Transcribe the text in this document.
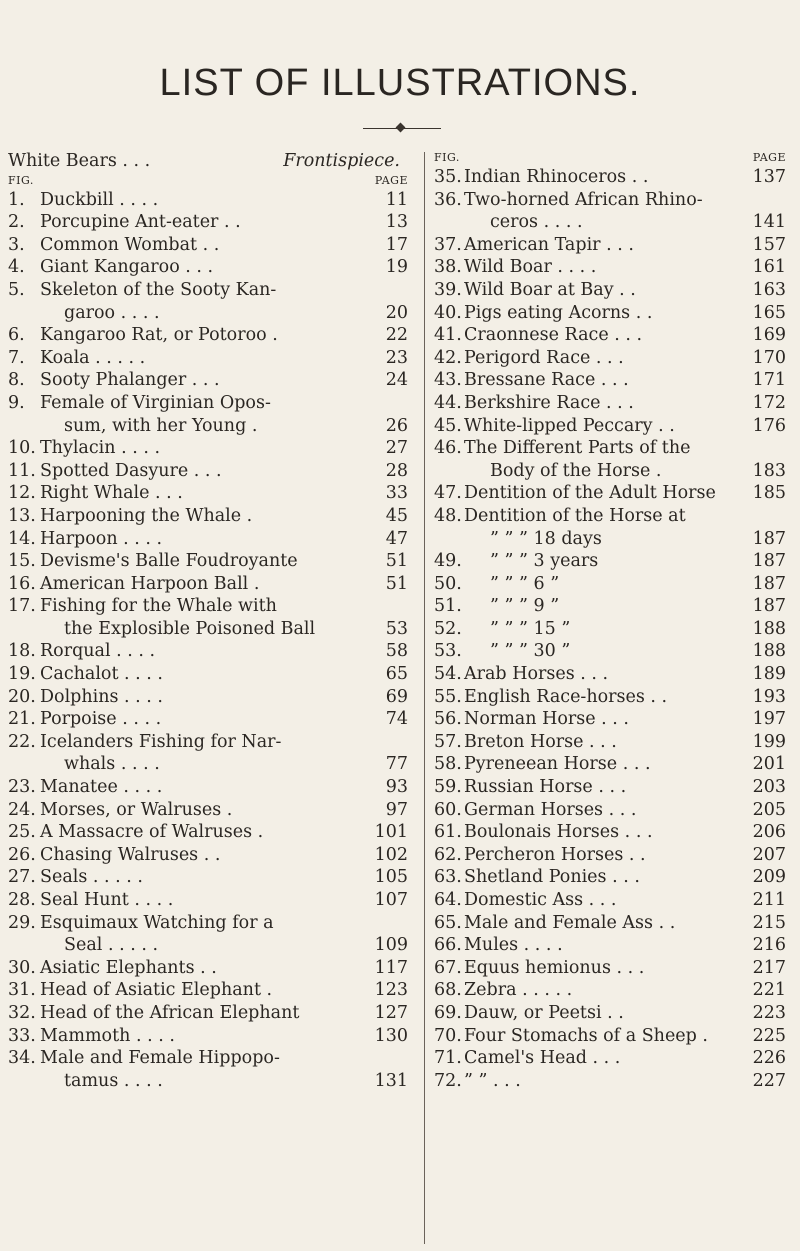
LIST OF ILLUSTRATIONS.
White Bears . . .	Frontispiece.
FIG.	PAGE
1. Duckbill . . . .	11
2. Porcupine Ant-eater . .	13
3. Common Wombat . .	17
4. Giant Kangaroo . . .	19
5. Skeleton of the Sooty Kan-
garoo . . . .	20
6. Kangaroo Rat, or Potoroo .	22
7. Koala . . . . .	23
8. Sooty Phalanger . . .	24
9. Female of Virginian Opos-
sum, with her Young .	26
10. Thylacin . . . .	27
11. Spotted Dasyure . . .	28
12. Right Whale . . .	33
13. Harpooning the Whale .	45
14. Harpoon . . . .	47
15. Devisme's Balle Foudroyante	51
16. American Harpoon Ball .	51
17. Fishing for the Whale with
the Explosible Poisoned Ball	53
18. Rorqual . . . .	58
19. Cachalot . . . .	65
20. Dolphins . . . .	69
21. Porpoise . . . .	74
22. Icelanders Fishing for Nar-
whals . . . .	77
23. Manatee . . . .	93
24. Morses, or Walruses .	97
25. A Massacre of Walruses .	101
26. Chasing Walruses . .	102
27. Seals . . . . .	105
28. Seal Hunt . . . .	107
29. Esquimaux Watching for a
Seal . . . . .	109
30. Asiatic Elephants . .	117
31. Head of Asiatic Elephant .	123
32. Head of the African Elephant	127
33. Mammoth . . . .	130
34. Male and Female Hippopo-
tamus . . . .	131
FIG.	PAGE
35. Indian Rhinoceros . .	137
36. Two-horned African Rhino-
ceros . . . .	141
37. American Tapir . . .	157
38. Wild Boar . . . .	161
39. Wild Boar at Bay . .	163
40. Pigs eating Acorns . .	165
41. Craonnese Race . . .	169
42. Perigord Race . . .	170
43. Bressane Race . . .	171
44. Berkshire Race . . .	172
45. White-lipped Peccary . .	176
46. The Different Parts of the
Body of the Horse .	183
47. Dentition of the Adult Horse 185
48. Dentition of the Horse at
” ” ” 18 days	187
49. ” ” ” 3 years	187
50. ” ” ” 6 ”	187
51. ” ” ” 9 ”	187
52. ” ” ” 15 ”	188
53. ” ” ” 30 ”	188
54. Arab Horses . . .	189
55. English Race-horses . .	193
56. Norman Horse . . .	197
57. Breton Horse . . .	199
58. Pyreneean Horse . . .	201
59. Russian Horse . . .	203
60. German Horses . . .	205
61. Boulonais Horses . . .	206
62. Percheron Horses . .	207
63. Shetland Ponies . . .	209
64. Domestic Ass . . .	211
65. Male and Female Ass . .	215
66. Mules . . . .	216
67. Equus hemionus . . .	217
68. Zebra . . . . .	221
69. Dauw, or Peetsi . .	223
70. Four Stomachs of a Sheep .	225
71. Camel's Head . . .	226
72. ” ” . . .	227
